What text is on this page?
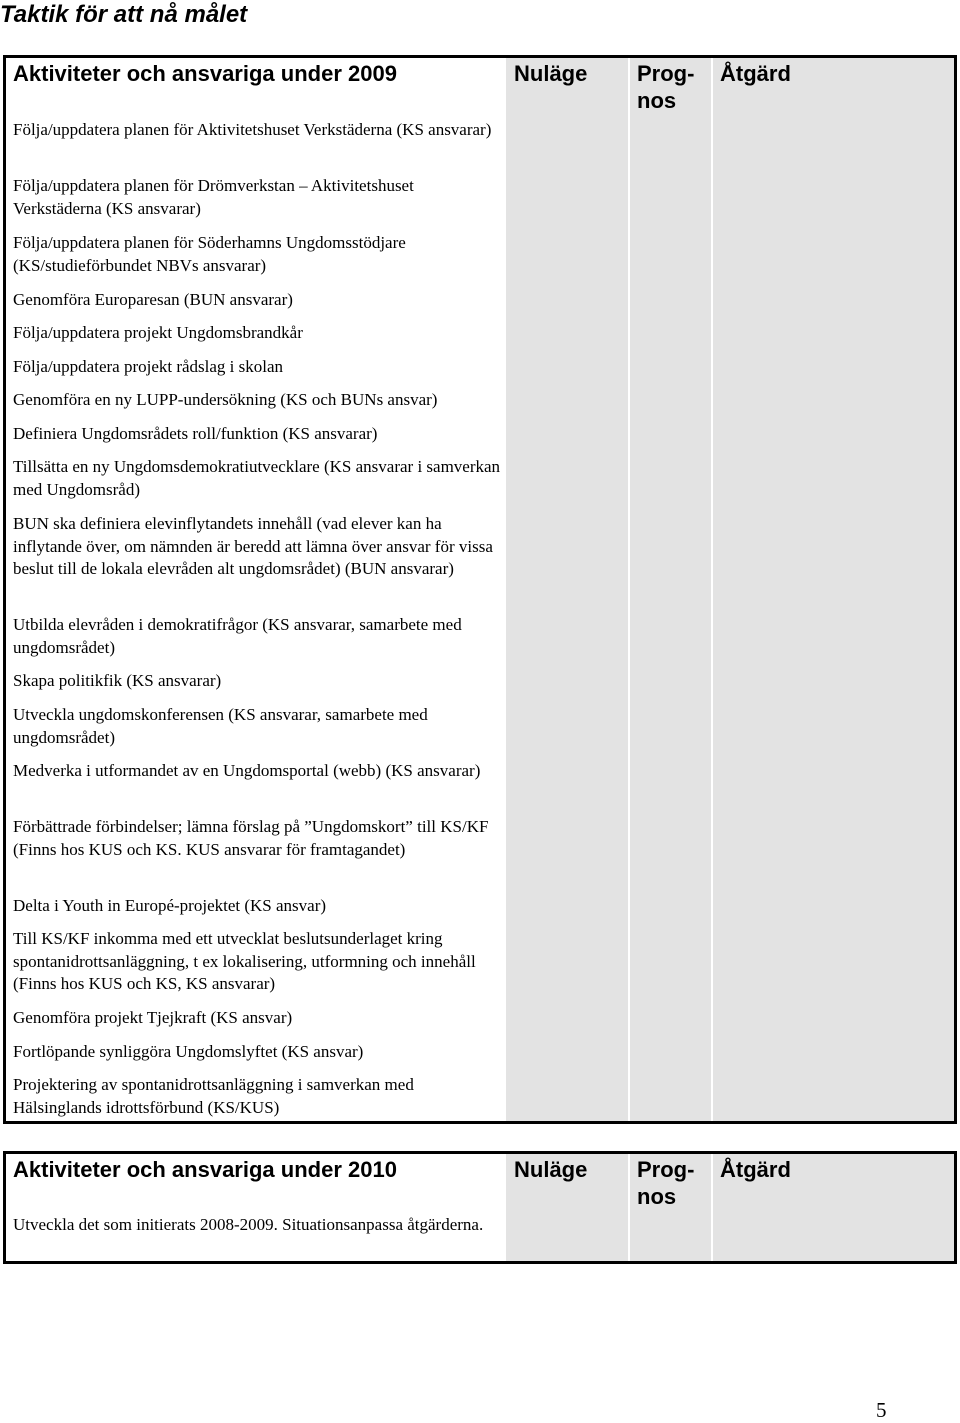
Taktik för att nå målet
Aktiviteter och ansvariga under 2009	Nuläge Prog-
nos
Åtgärd
Följa/uppdatera planen för Aktivitetshuset Verkstäderna (KS ansvarar)
Följa/uppdatera planen för Drömverkstan – Aktivitetshuset Verkstäderna (KS ansvarar)
Följa/uppdatera planen för Söderhamns Ungdomsstödjare (KS/studieförbundet NBVs ansvarar)
Genomföra Europaresan (BUN ansvarar)
Följa/uppdatera projekt Ungdomsbrandkår
Följa/uppdatera projekt rådslag i skolan
Genomföra en ny LUPP-undersökning (KS och BUNs ansvar)
Definiera Ungdomsrådets roll/funktion (KS ansvarar)
Tillsätta en ny Ungdomsdemokratiutvecklare (KS ansvarar i samverkan med Ungdomsråd)
BUN ska definiera elevinflytandets innehåll (vad elever kan ha inflytande över, om nämnden är beredd att lämna över ansvar för vissa beslut till de lokala elevråden alt ungdomsrådet) (BUN ansvarar)
Utbilda elevråden i demokratifrågor (KS ansvarar, samarbete med ungdomsrådet)
Skapa politikfik (KS ansvarar)
Utveckla ungdomskonferensen (KS ansvarar, samarbete med ungdomsrådet)
Medverka i utformandet av en Ungdomsportal (webb) (KS ansvarar)
Förbättrade förbindelser; lämna förslag på ”Ungdomskort” till KS/KF (Finns hos KUS och KS. KUS ansvarar för framtagandet)
Delta i Youth in Europé-projektet (KS ansvar)
Till KS/KF inkomma med ett utvecklat beslutsunderlaget kring spontanidrottsanläggning, t ex lokalisering, utformning och innehåll (Finns hos KUS och KS, KS ansvarar)
Genomföra projekt Tjejkraft (KS ansvar)
Fortlöpande synliggöra Ungdomslyftet (KS ansvar)
Projektering av spontanidrottsanläggning i samverkan med Hälsinglands idrottsförbund (KS/KUS)
Aktiviteter och ansvariga under 2010	Nuläge Prog-
nos
Åtgärd
Utveckla det som initierats 2008-2009. Situationsanpassa åtgärderna.
5
